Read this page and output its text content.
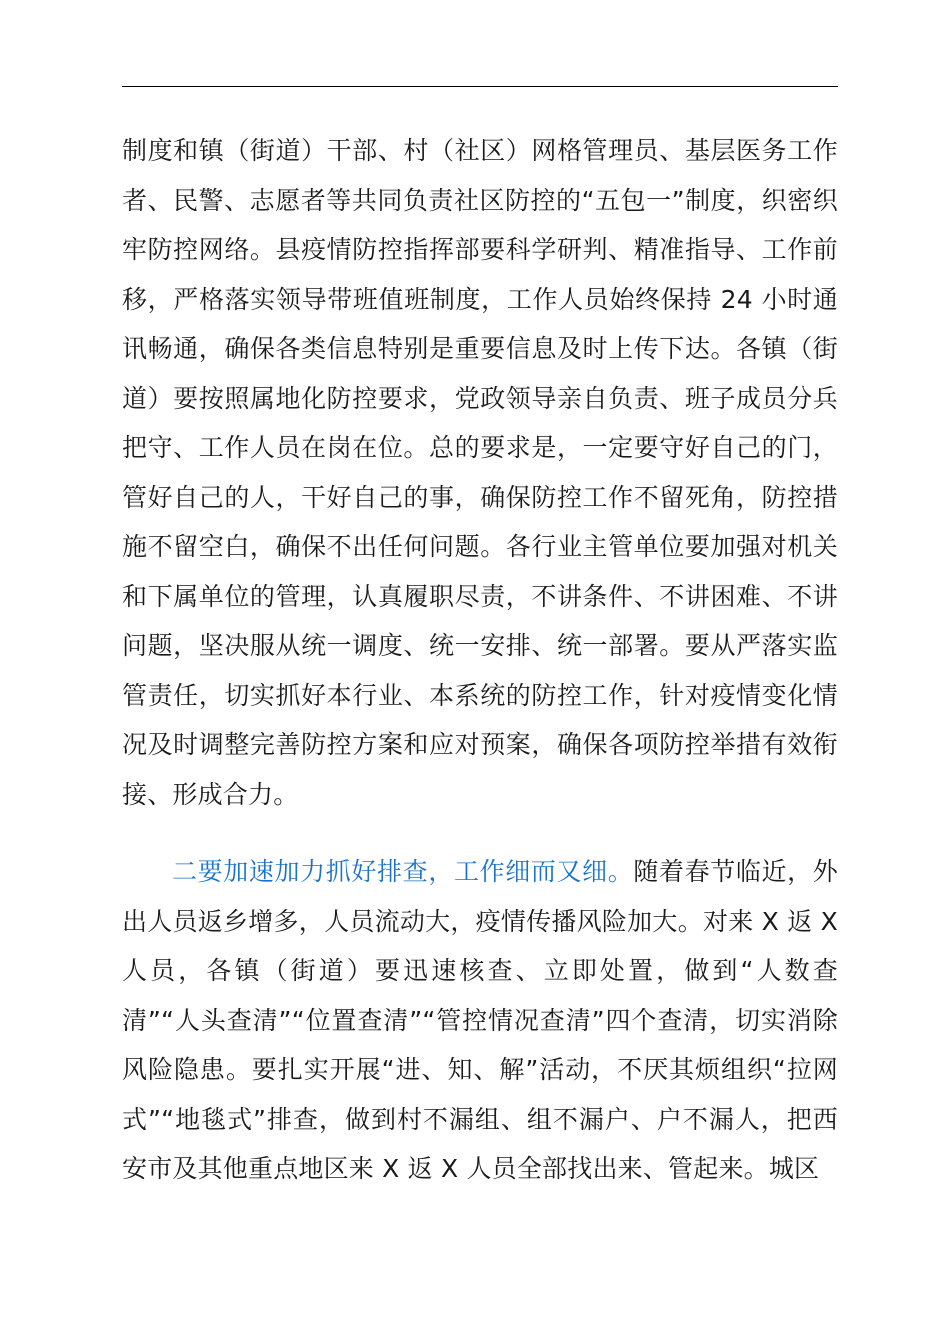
制度和镇（街道）干部、村（社区）网格管理员、基层医务工作者、民警、志愿者等共同负责社区防控的“五包一”制度，织密织牢防控网络。县疫情防控指挥部要科学研判、精准指导、工作前移，严格落实领导带班值班制度，工作人员始终保持 24 小时通讯畅通，确保各类信息特别是重要信息及时上传下达。各镇（街道）要按照属地化防控要求，党政领导亲自负责、班子成员分兵把守、工作人员在岗在位。总的要求是，一定要守好自己的门，管好自己的人，干好自己的事，确保防控工作不留死角，防控措施不留空白，确保不出任何问题。各行业主管单位要加强对机关和下属单位的管理，认真履职尽责，不讲条件、不讲困难、不讲问题，坚决服从统一调度、统一安排、统一部署。要从严落实监管责任，切实抓好本行业、本系统的防控工作，针对疫情变化情况及时调整完善防控方案和应对预案，确保各项防控举措有效衔接、形成合力。

二要加速加力抓好排查，工作细而又细。随着春节临近，外出人员返乡增多，人员流动大，疫情传播风险加大。对来 X 返 X 人员，各镇（街道）要迅速核查、立即处置，做到“人数查清”“人头查清”“位置查清”“管控情况查清”四个查清，切实消除风险隐患。要扎实开展“进、知、解”活动，不厌其烦组织“拉网式”“地毯式”排查，做到村不漏组、组不漏户、户不漏人，把西安市及其他重点地区来 X 返 X 人员全部找出来、管起来。城区
